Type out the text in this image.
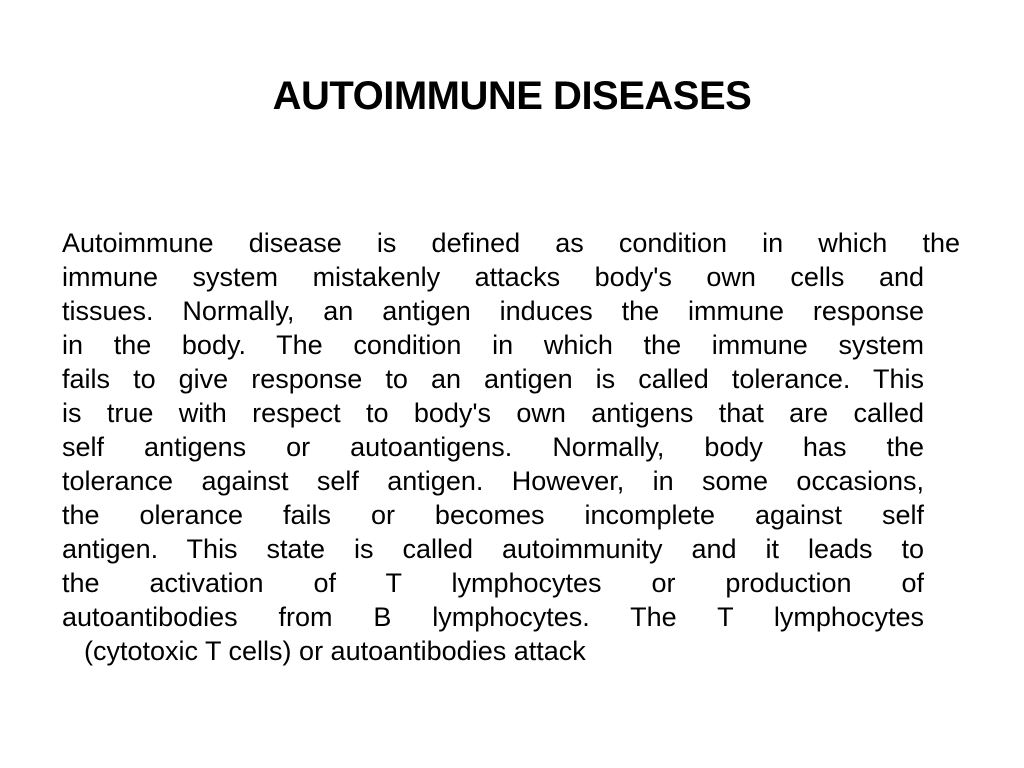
AUTOIMMUNE DISEASES
Autoimmune disease is defined as condition in which the
immune system mistakenly attacks body's own cells and
tissues. Normally, an antigen induces the immune response
in the body. The condition in which the immune system
fails to give response to an antigen is called tolerance. This
is true with respect to body's own antigens that are called
self antigens or autoantigens. Normally, body has the
tolerance against self antigen. However, in some occasions,
the olerance fails or becomes incomplete against self
antigen. This state is called autoimmunity and it leads to
the activation of T lymphocytes or production of
autoantibodies from B lymphocytes. The T lymphocytes
(cytotoxic T cells) or autoantibodies attack
